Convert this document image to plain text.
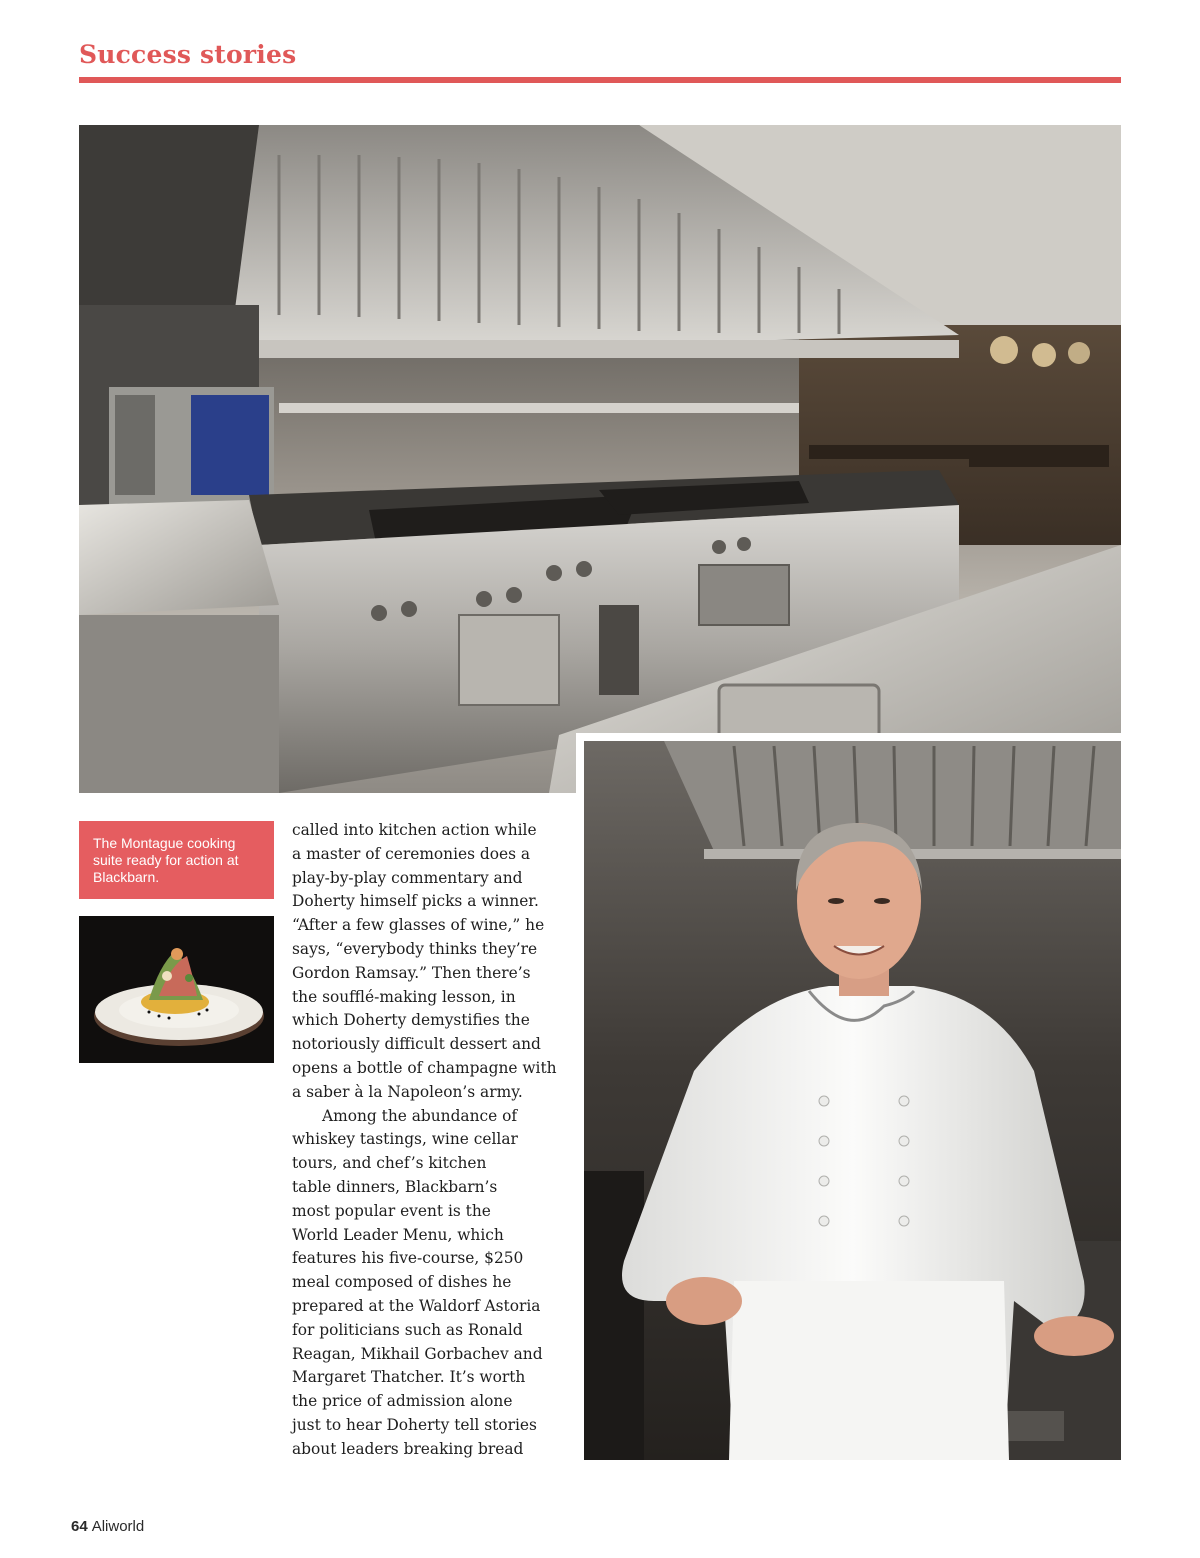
Success stories
The Montague cooking suite ready for action at Blackbarn.

called into kitchen action while

a master of ceremonies does a

play-by-play commentary and

Doherty himself picks a winner.

“After a few glasses of wine,” he

says, “everybody thinks they’re

Gordon Ramsay.” Then there’s

the soufflé-making lesson, in

which Doherty demystifies the

notoriously difficult dessert and

opens a bottle of champagne with

a saber à la Napoleon’s army.

Among the abundance of

whiskey tastings, wine cellar

tours, and chef’s kitchen

table dinners, Blackbarn’s

most popular event is the

World Leader Menu, which

features his five-course, $250

meal composed of dishes he

prepared at the Waldorf Astoria

for politicians such as Ronald

Reagan, Mikhail Gorbachev and

Margaret Thatcher. It’s worth

the price of admission alone

just to hear Doherty tell stories

about leaders breaking bread

64 Aliworld
